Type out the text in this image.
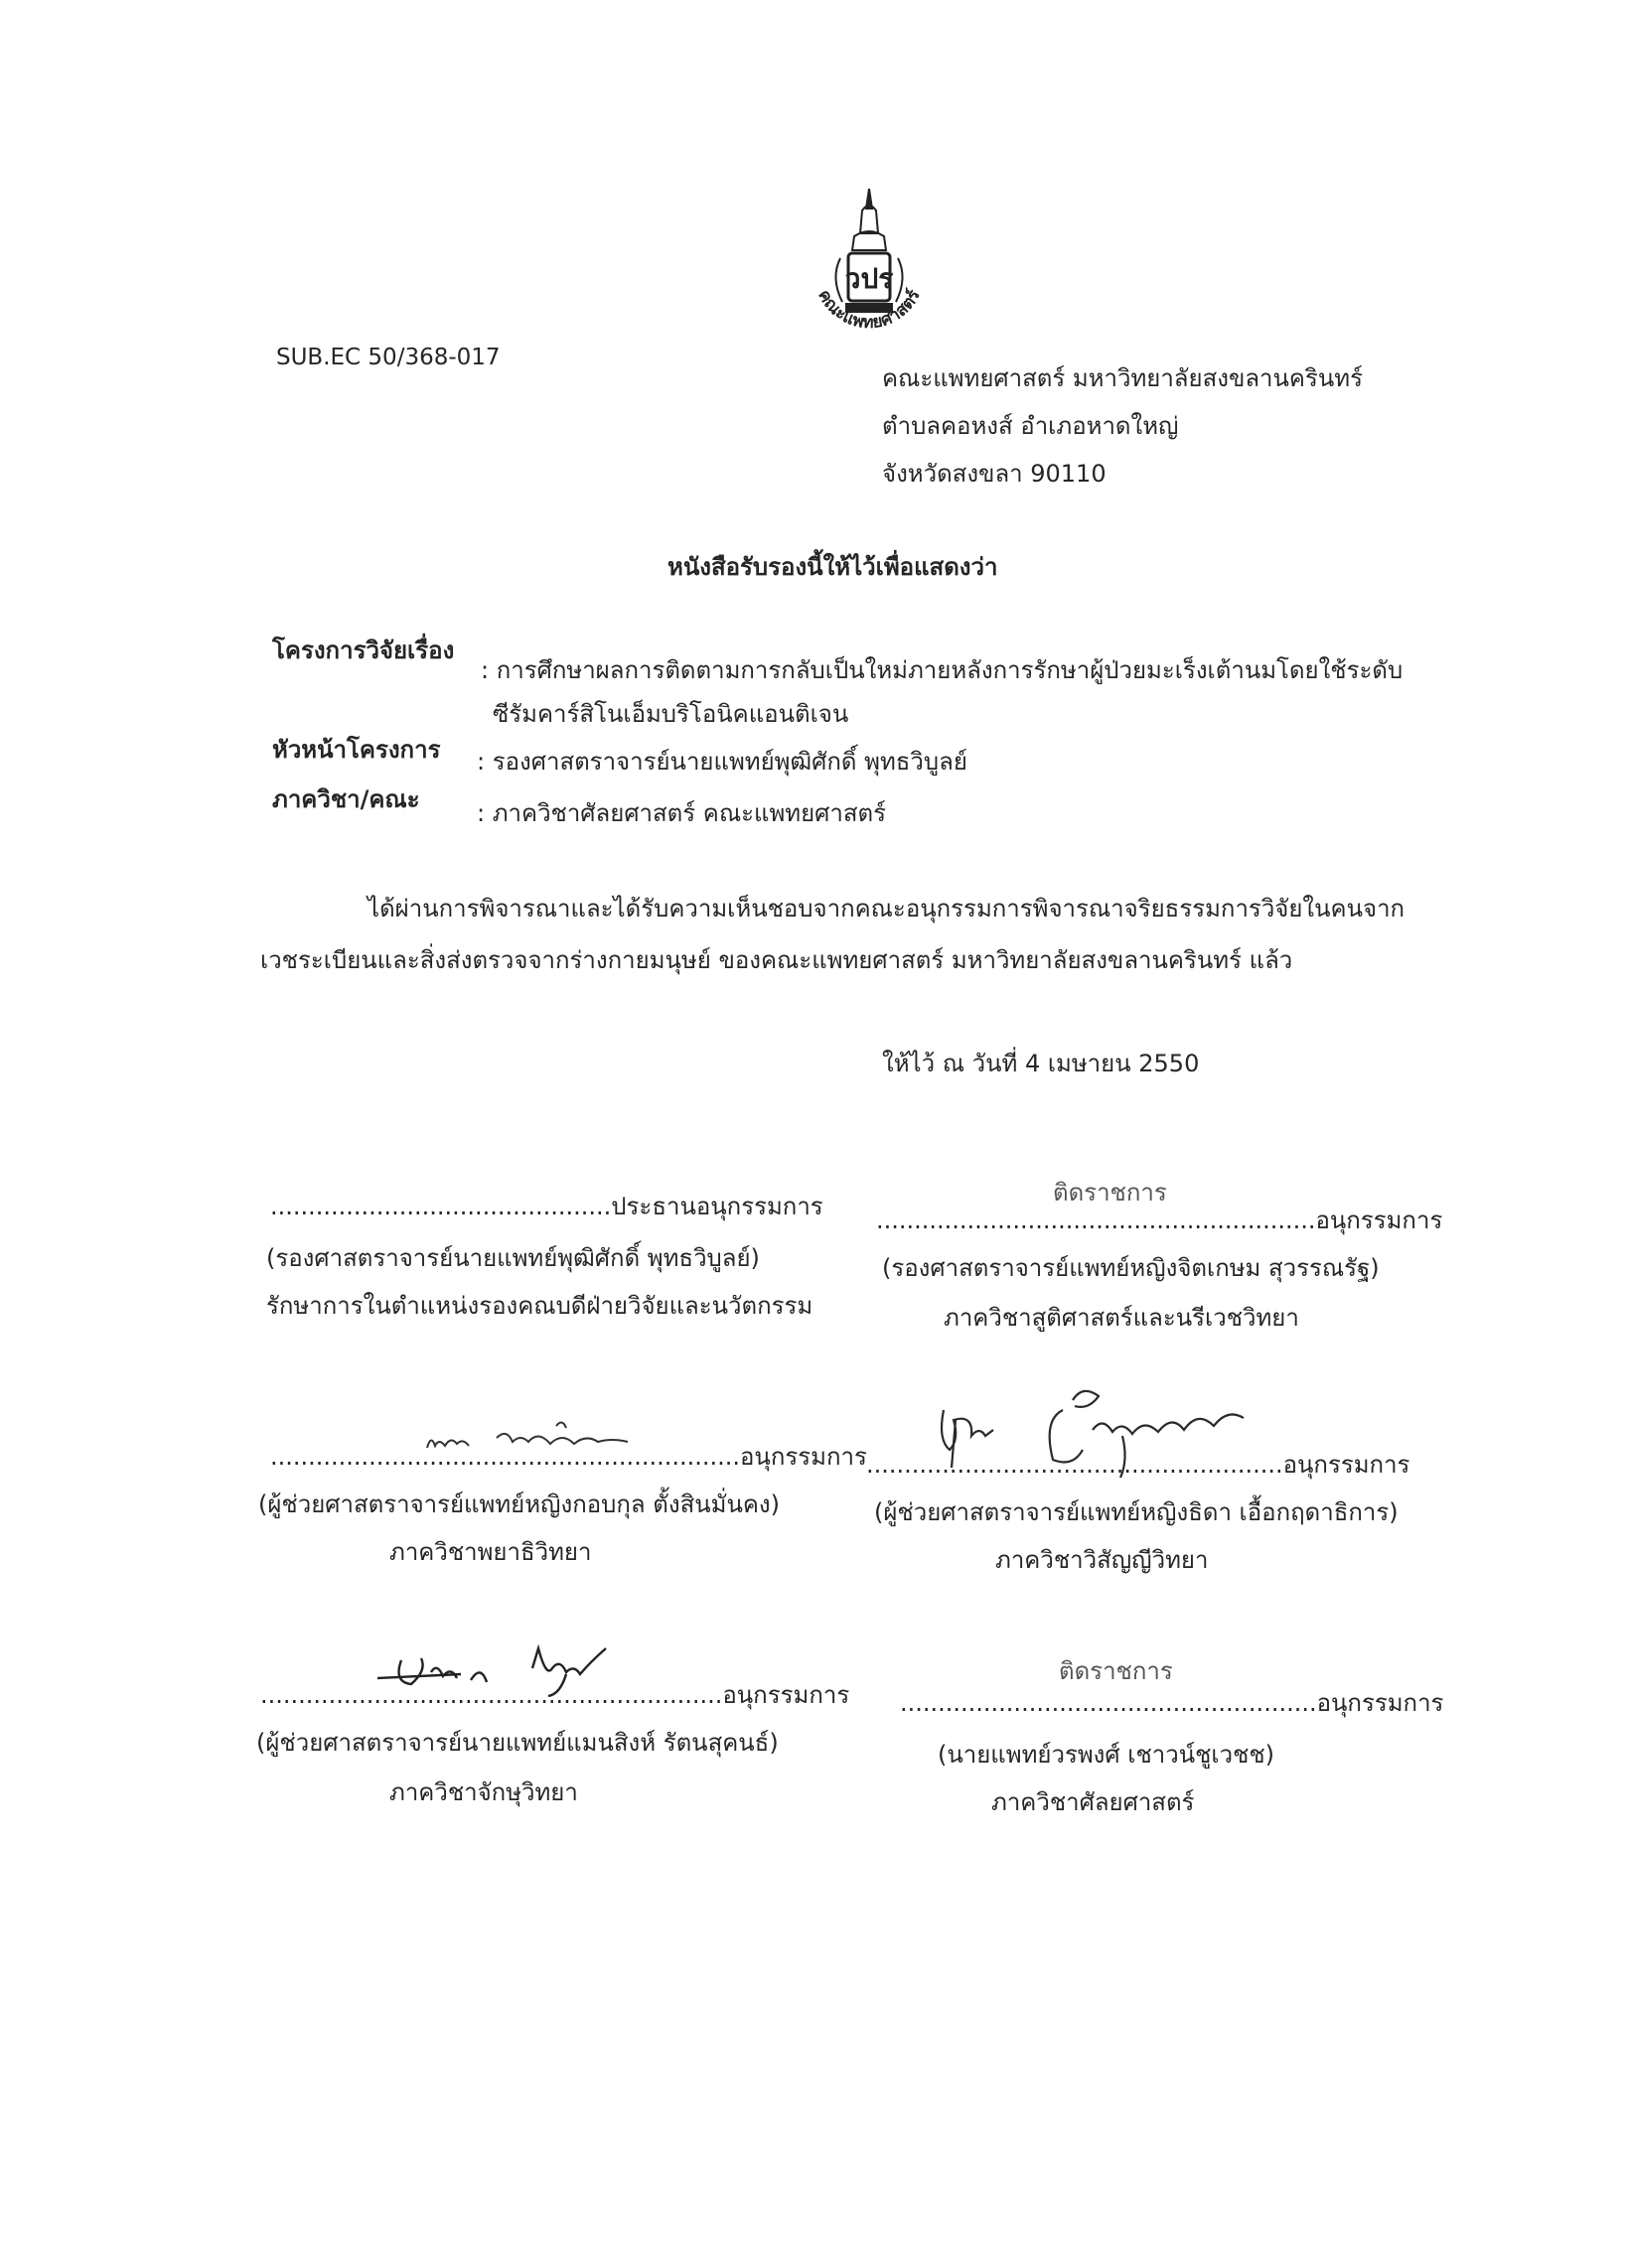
วปร
คณะแพทยศาสตร์
SUB.EC 50/368-017
คณะแพทยศาสตร์ มหาวิทยาลัยสงขลานครินทร์
ตำบลคอหงส์ อำเภอหาดใหญ่
จังหวัดสงขลา 90110
หนังสือรับรองนี้ให้ไว้เพื่อแสดงว่า
โครงการวิจัยเรื่อง
: การศึกษาผลการติดตามการกลับเป็นใหม่ภายหลังการรักษาผู้ป่วยมะเร็งเต้านมโดยใช้ระดับ
ซีรัมคาร์สิโนเอ็มบริโอนิคแอนติเจน
หัวหน้าโครงการ : รองศาสตราจารย์นายแพทย์พุฒิศักดิ์ พุทธวิบูลย์
ภาควิชา/คณะ : ภาควิชาศัลยศาสตร์ คณะแพทยศาสตร์
ได้ผ่านการพิจารณาและได้รับความเห็นชอบจากคณะอนุกรรมการพิจารณาจริยธรรมการวิจัยในคนจาก
เวชระเบียนและสิ่งส่งตรวจจากร่างกายมนุษย์ ของคณะแพทยศาสตร์ มหาวิทยาลัยสงขลานครินทร์ แล้ว
ให้ไว้ ณ วันที่ 4 เมษายน 2550
.............................................ประธานอนุกรรมการ
(รองศาสตราจารย์นายแพทย์พุฒิศักดิ์ พุทธวิบูลย์)
รักษาการในตำแหน่งรองคณบดีฝ่ายวิจัยและนวัตกรรม
ติดราชการ
..........................................................อนุกรรมการ
(รองศาสตราจารย์แพทย์หญิงจิตเกษม สุวรรณรัฐ)
ภาควิชาสูติศาสตร์และนรีเวชวิทยา
..............................................................อนุกรรมการ
(ผู้ช่วยศาสตราจารย์แพทย์หญิงกอบกุล ตั้งสินมั่นคง)
ภาควิชาพยาธิวิทยา
.......................................................อนุกรรมการ
(ผู้ช่วยศาสตราจารย์แพทย์หญิงธิดา เอื้อกฤดาธิการ)
ภาควิชาวิสัญญีวิทยา
.............................................................อนุกรรมการ
(ผู้ช่วยศาสตราจารย์นายแพทย์แมนสิงห์ รัตนสุคนธ์)
ภาควิชาจักษุวิทยา
ติดราชการ
.......................................................อนุกรรมการ
(นายแพทย์วรพงศ์ เชาวน์ชูเวชช)
ภาควิชาศัลยศาสตร์
